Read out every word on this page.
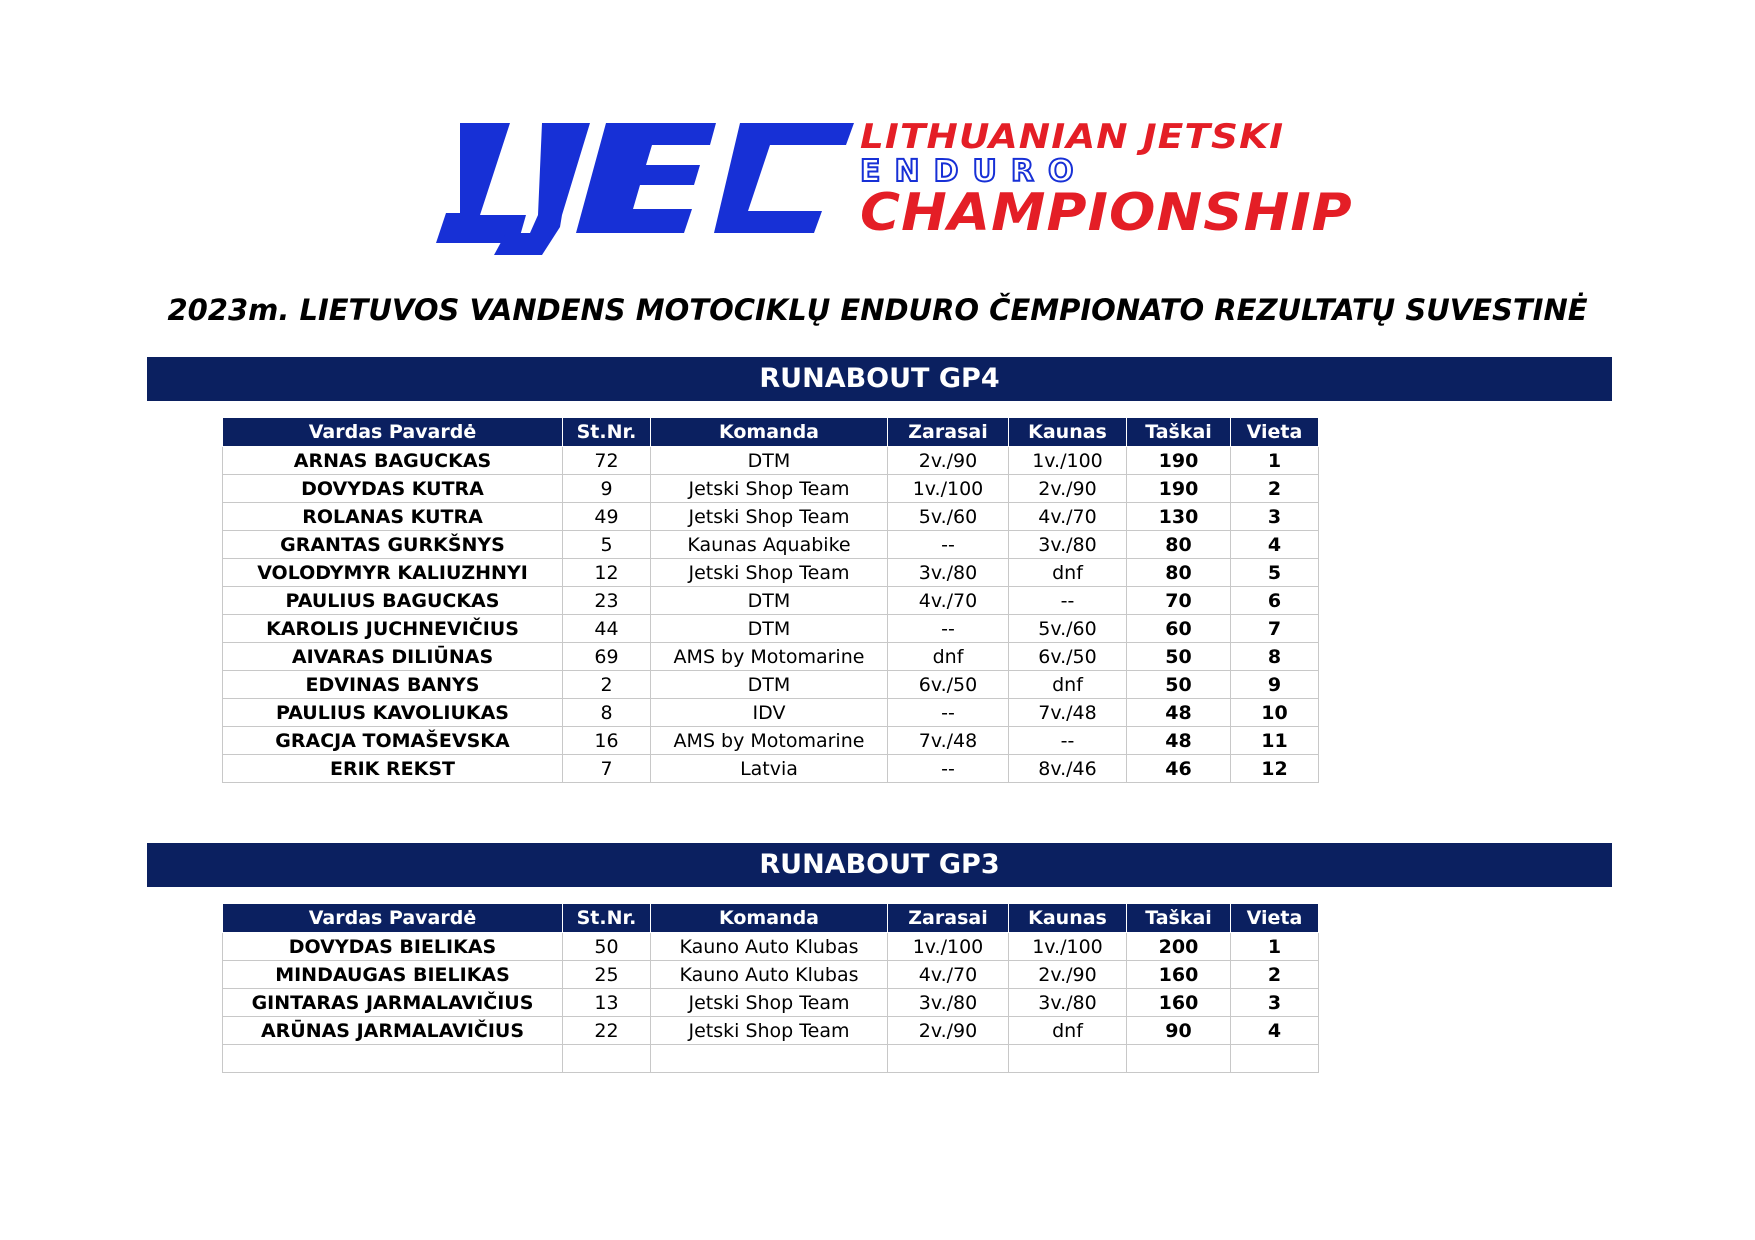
LITHUANIAN JETSKI
ENDURO
CHAMPIONSHIP
2023m. LIETUVOS VANDENS MOTOCIKLŲ ENDURO ČEMPIONATO REZULTATŲ SUVESTINĖ
RUNABOUT GP4
Vardas Pavardė	St.Nr.	Komanda	Zarasai	Kaunas	Taškai	Vieta
ARNAS BAGUCKAS	72	DTM	2v./90	1v./100	190	1
DOVYDAS KUTRA	9	Jetski Shop Team	1v./100	2v./90	190	2
ROLANAS KUTRA	49	Jetski Shop Team	5v./60	4v./70	130	3
GRANTAS GURKŠNYS	5	Kaunas Aquabike	--	3v./80	80	4
VOLODYMYR KALIUZHNYI	12	Jetski Shop Team	3v./80	dnf	80	5
PAULIUS BAGUCKAS	23	DTM	4v./70	--	70	6
KAROLIS JUCHNEVIČIUS	44	DTM	--	5v./60	60	7
AIVARAS DILIŪNAS	69	AMS by Motomarine	dnf	6v./50	50	8
EDVINAS BANYS	2	DTM	6v./50	dnf	50	9
PAULIUS KAVOLIUKAS	8	IDV	--	7v./48	48	10
GRACJA TOMAŠEVSKA	16	AMS by Motomarine	7v./48	--	48	11
ERIK REKST	7	Latvia	--	8v./46	46	12
RUNABOUT GP3
Vardas Pavardė	St.Nr.	Komanda	Zarasai	Kaunas	Taškai	Vieta
DOVYDAS BIELIKAS	50	Kauno Auto Klubas	1v./100	1v./100	200	1
MINDAUGAS BIELIKAS	25	Kauno Auto Klubas	4v./70	2v./90	160	2
GINTARAS JARMALAVIČIUS	13	Jetski Shop Team	3v./80	3v./80	160	3
ARŪNAS JARMALAVIČIUS	22	Jetski Shop Team	2v./90	dnf	90	4
